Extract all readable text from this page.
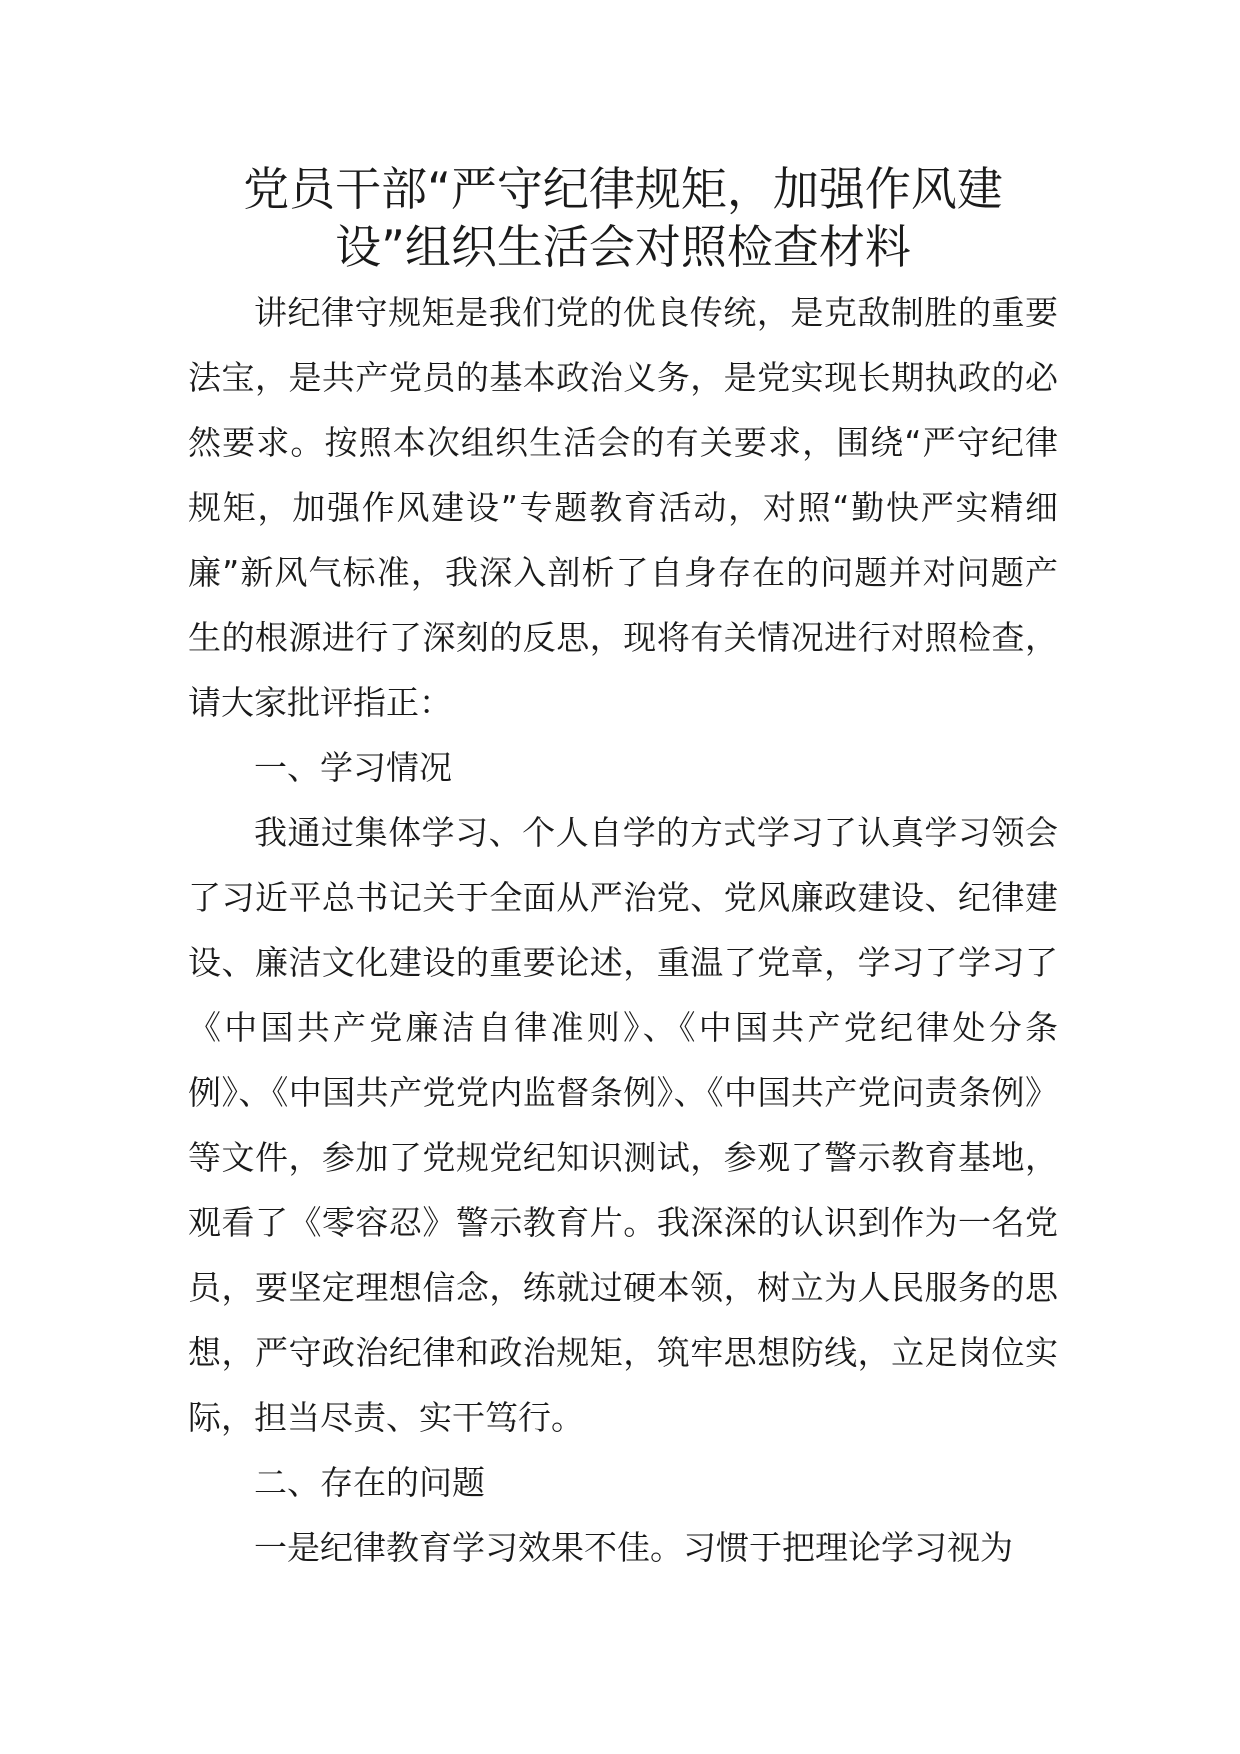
党员干部“严守纪律规矩，加强作风建设”组织生活会对照检查材料

讲纪律守规矩是我们党的优良传统，是克敌制胜的重要法宝，是共产党员的基本政治义务，是党实现长期执政的必然要求。按照本次组织生活会的有关要求，围绕“严守纪律规矩，加强作风建设”专题教育活动，对照“勤快严实精细廉”新风气标准，我深入剖析了自身存在的问题并对问题产生的根源进行了深刻的反思，现将有关情况进行对照检查，请大家批评指正：

一、学习情况

我通过集体学习、个人自学的方式学习了认真学习领会了习近平总书记关于全面从严治党、党风廉政建设、纪律建设、廉洁文化建设的重要论述，重温了党章，学习了学习了《中国共产党廉洁自律准则》、《中国共产党纪律处分条例》、《中国共产党党内监督条例》、《中国共产党问责条例》等文件，参加了党规党纪知识测试，参观了警示教育基地，观看了《零容忍》警示教育片。我深深的认识到作为一名党员，要坚定理想信念，练就过硬本领，树立为人民服务的思想，严守政治纪律和政治规矩，筑牢思想防线，立足岗位实际，担当尽责、实干笃行。

二、存在的问题

一是纪律教育学习效果不佳。习惯于把理论学习视为
